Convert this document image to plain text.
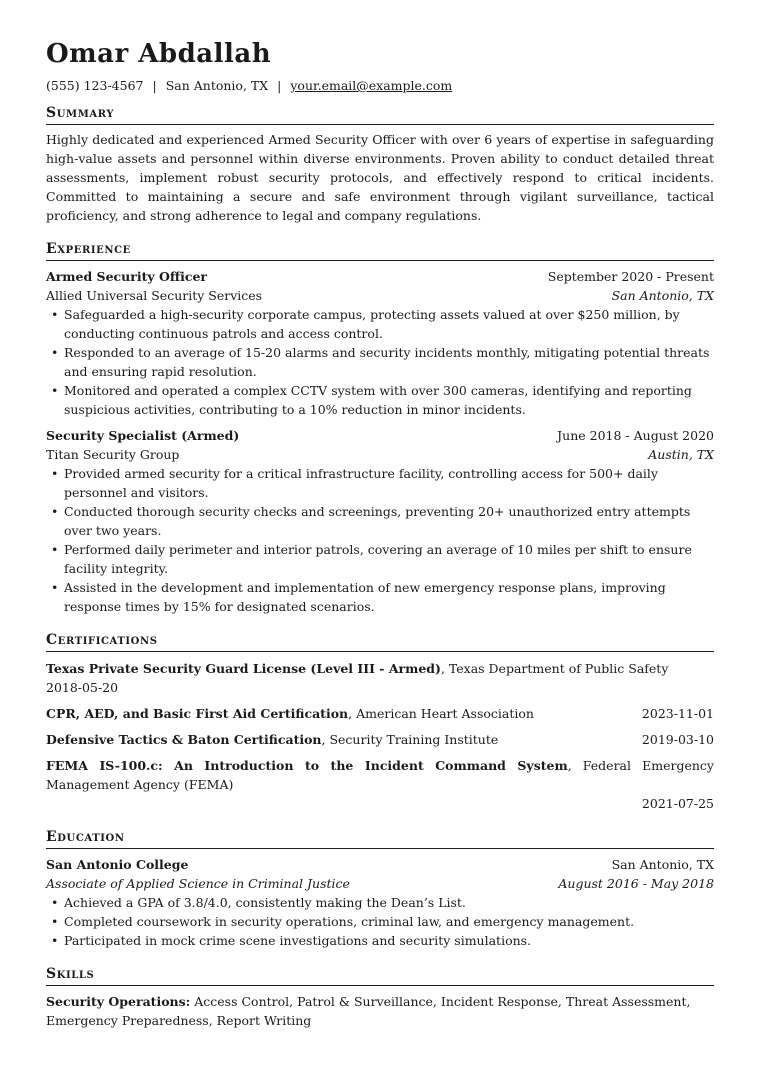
Omar Abdallah
(555) 123-4567 | San Antonio, TX | your.email@example.com
Summary
Highly dedicated and experienced Armed Security Officer with over 6 years of expertise in safeguarding high-value assets and personnel within diverse environments. Proven ability to conduct detailed threat assessments, implement robust security protocols, and effectively respond to critical incidents. Committed to maintaining a secure and safe environment through vigilant surveillance, tactical proficiency, and strong adherence to legal and company regulations.
Experience
Armed Security Officer	September 2020 - Present
Allied Universal Security Services	San Antonio, TX
• Safeguarded a high-security corporate campus, protecting assets valued at over $250 million, by conducting continuous patrols and access control.
• Responded to an average of 15-20 alarms and security incidents monthly, mitigating potential threats and ensuring rapid resolution.
• Monitored and operated a complex CCTV system with over 300 cameras, identifying and reporting suspicious activities, contributing to a 10% reduction in minor incidents.
Security Specialist (Armed)	June 2018 - August 2020
Titan Security Group	Austin, TX
• Provided armed security for a critical infrastructure facility, controlling access for 500+ daily personnel and visitors.
• Conducted thorough security checks and screenings, preventing 20+ unauthorized entry attempts over two years.
• Performed daily perimeter and interior patrols, covering an average of 10 miles per shift to ensure facility integrity.
• Assisted in the development and implementation of new emergency response plans, improving response times by 15% for designated scenarios.
Certifications
Texas Private Security Guard License (Level III - Armed), Texas Department of Public Safety
2018-05-20
CPR, AED, and Basic First Aid Certification, American Heart Association	2023-11-01
Defensive Tactics & Baton Certification, Security Training Institute	2019-03-10
FEMA IS-100.c: An Introduction to the Incident Command System, Federal Emergency Management Agency (FEMA)
2021-07-25
Education
San Antonio College	San Antonio, TX
Associate of Applied Science in Criminal Justice	August 2016 - May 2018
• Achieved a GPA of 3.8/4.0, consistently making the Dean’s List.
• Completed coursework in security operations, criminal law, and emergency management.
• Participated in mock crime scene investigations and security simulations.
Skills
Security Operations: Access Control, Patrol & Surveillance, Incident Response, Threat Assessment, Emergency Preparedness, Report Writing
